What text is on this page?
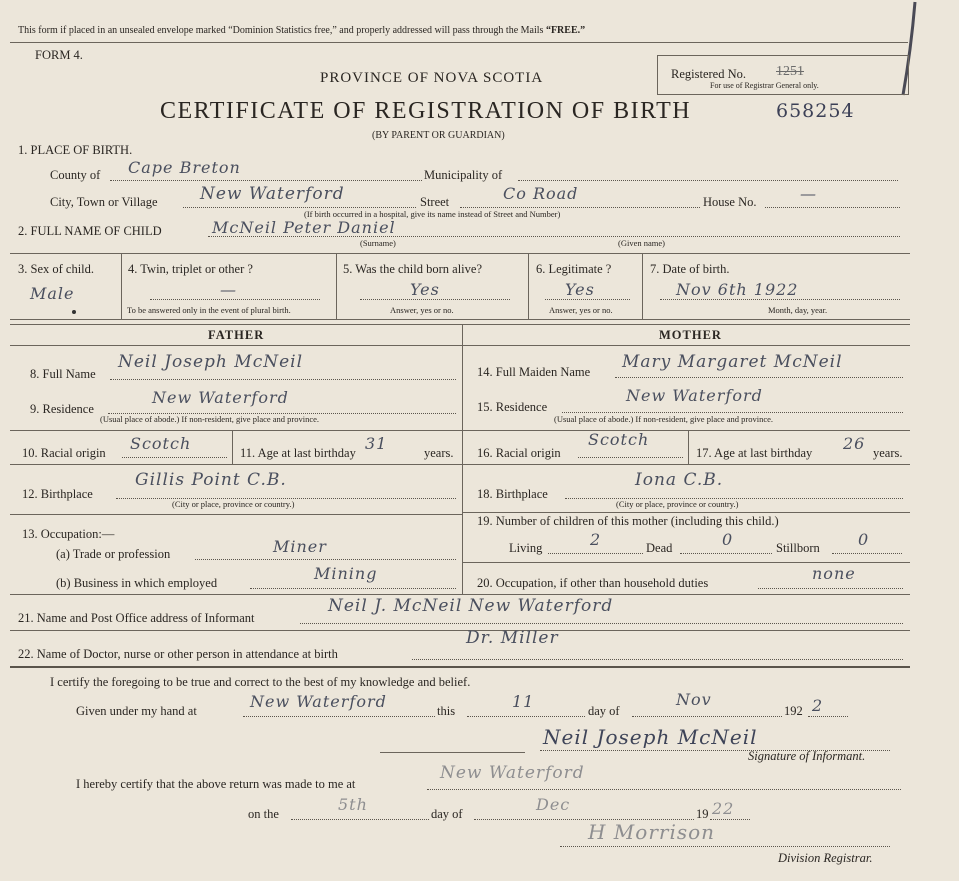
This form if placed in an unsealed envelope marked “Dominion Statistics free,” and properly addressed will pass through the Mails “FREE.”
FORM 4.
PROVINCE OF NOVA SCOTIA	Registered No. 1251
For use of Registrar General only.
CERTIFICATE OF REGISTRATION OF BIRTH	658254
(BY PARENT OR GUARDIAN)
1. PLACE OF BIRTH.
County of Cape Breton	Municipality of
City, Town or Village New Waterford	Street	Co Road	House No.	—
(If birth occurred in a hospital, give its name instead of Street and Number)
2. FULL NAME OF CHILD	McNeil Peter Daniel
(Surname)	(Given name)
3. Sex of child.
Male
4. Twin, triplet or other ?
—
To be answered only in the event of plural birth.
5. Was the child born alive?
Yes
Answer, yes or no.
6. Legitimate ?
Yes
Answer, yes or no.
7. Date of birth.
Nov 6th 1922
Month, day, year.
FATHER	MOTHER
8. Full Name
Neil Joseph McNeil
9. Residence
New Waterford
(Usual place of abode.) If non-resident, give place and province.
10. Racial origin Scotch	11. Age at last birthday 31	years.
12. Birthplace
Gillis Point C.B.
(City or place, province or country.)
13. Occupation:—
(a) Trade or profession	Miner
(b) Business in which employed	Mining
14. Full Maiden Name Mary Margaret McNeil
15. Residence
New Waterford
(Usual place of abode.) If non-resident, give place and province.
16. Racial origin
Scotch
17. Age at last birthday 26 years.
18. Birthplace
Iona C.B.
(City or place, province or country.)
19. Number of children of this mother (including this child.)
Living	2	Dead	0	Stillborn 0
20. Occupation, if other than household duties	none
21. Name and Post Office address of Informant
Neil J. McNeil New Waterford
22. Name of Doctor, nurse or other person in attendance at birth
Dr. Miller
I certify the foregoing to be true and correct to the best of my knowledge and belief.
Given under my hand at	New Waterford	this	11	day of
Nov
192 2
Neil Joseph McNeil
Signature of Informant.
I hereby certify that the above return was made to me at
New Waterford
on the	5th	day of	Dec	19 22
H Morrison
Division Registrar.
